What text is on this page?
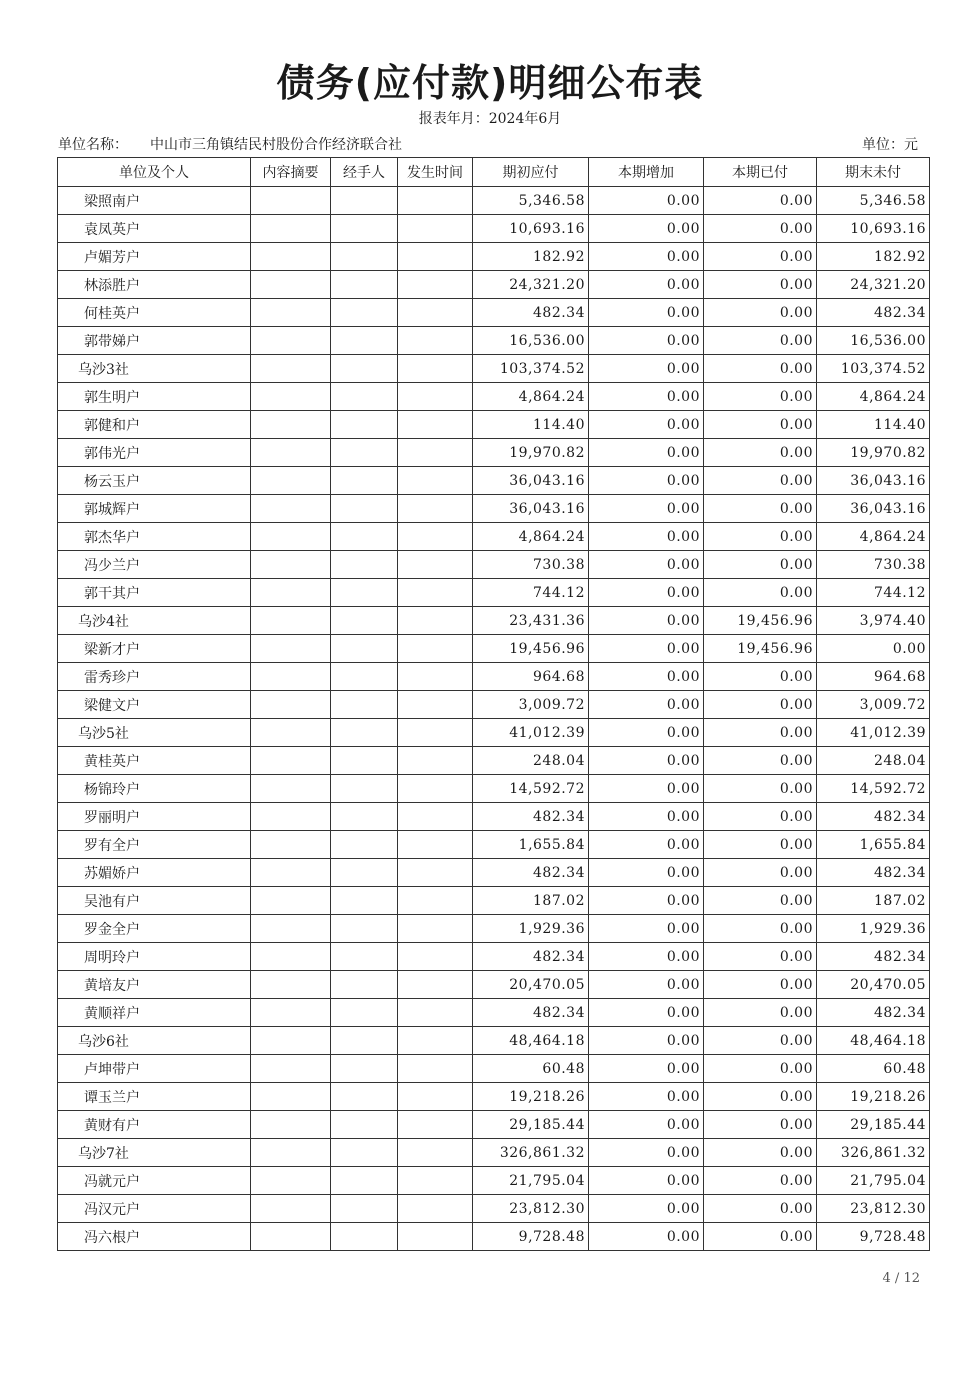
债务(应付款)明细公布表
报表年月：2024年6月
单位名称： 中山市三角镇结民村股份合作经济联合社	单位：元
单位及个人	内容摘要	经手人	发生时间	期初应付	本期增加	本期已付	期末未付
梁照南户				5,346.58	0.00	0.00	5,346.58
袁凤英户				10,693.16	0.00	0.00	10,693.16
卢媚芳户				182.92	0.00	0.00	182.92
林添胜户				24,321.20	0.00	0.00	24,321.20
何桂英户				482.34	0.00	0.00	482.34
郭带娣户				16,536.00	0.00	0.00	16,536.00
乌沙3社				103,374.52	0.00	0.00	103,374.52
郭生明户				4,864.24	0.00	0.00	4,864.24
郭健和户				114.40	0.00	0.00	114.40
郭伟光户				19,970.82	0.00	0.00	19,970.82
杨云玉户				36,043.16	0.00	0.00	36,043.16
郭城辉户				36,043.16	0.00	0.00	36,043.16
郭杰华户				4,864.24	0.00	0.00	4,864.24
冯少兰户				730.38	0.00	0.00	730.38
郭干其户				744.12	0.00	0.00	744.12
乌沙4社				23,431.36	0.00	19,456.96	3,974.40
梁新才户				19,456.96	0.00	19,456.96	0.00
雷秀珍户				964.68	0.00	0.00	964.68
梁健文户				3,009.72	0.00	0.00	3,009.72
乌沙5社				41,012.39	0.00	0.00	41,012.39
黄桂英户				248.04	0.00	0.00	248.04
杨锦玲户				14,592.72	0.00	0.00	14,592.72
罗丽明户				482.34	0.00	0.00	482.34
罗有全户				1,655.84	0.00	0.00	1,655.84
苏媚娇户				482.34	0.00	0.00	482.34
吴池有户				187.02	0.00	0.00	187.02
罗金全户				1,929.36	0.00	0.00	1,929.36
周明玲户				482.34	0.00	0.00	482.34
黄培友户				20,470.05	0.00	0.00	20,470.05
黄顺祥户				482.34	0.00	0.00	482.34
乌沙6社				48,464.18	0.00	0.00	48,464.18
卢坤带户				60.48	0.00	0.00	60.48
谭玉兰户				19,218.26	0.00	0.00	19,218.26
黄财有户				29,185.44	0.00	0.00	29,185.44
乌沙7社				326,861.32	0.00	0.00	326,861.32
冯就元户				21,795.04	0.00	0.00	21,795.04
冯汉元户				23,812.30	0.00	0.00	23,812.30
冯六根户				9,728.48	0.00	0.00	9,728.48
4 / 12
